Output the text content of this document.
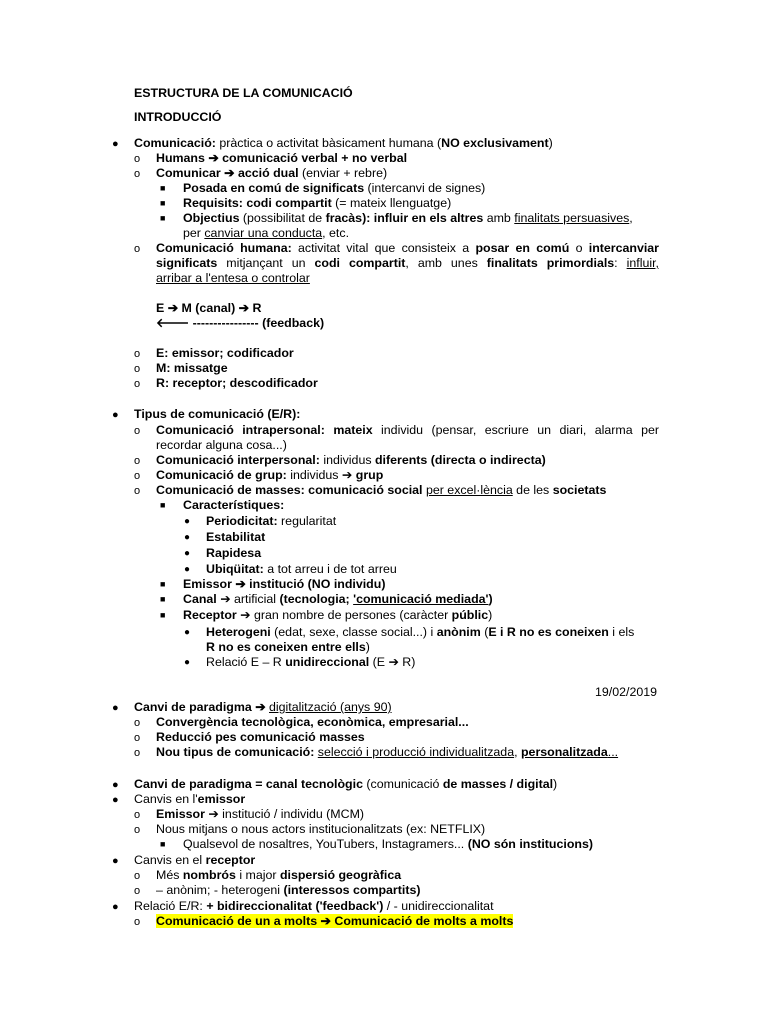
ESTRUCTURA DE LA COMUNICACIÓ
INTRODUCCIÓ
● Comunicació: pràctica o activitat bàsicament humana (NO exclusivament)
o Humans ➔ comunicació verbal + no verbal
o Comunicar ➔ acció dual (enviar + rebre)
■ Posada en comú de significats (intercanvi de signes)
■ Requisits: codi compartit (= mateix llenguatge)
■ Objectius (possibilitat de fracàs): influir en els altres amb finalitats persuasives,
per canviar una conducta, etc.
o Comunicació humana: activitat vital que consisteix a posar en comú o intercanviar
significats mitjançant un codi compartit, amb unes finalitats primordials: influir,
arribar a l'entesa o controlar
E ➔ M (canal) ➔ R
🡐 ---------------- (feedback)
o E: emissor; codificador
o M: missatge
o R: receptor; descodificador
● Tipus de comunicació (E/R):
o Comunicació intrapersonal: mateix individu (pensar, escriure un diari, alarma per
recordar alguna cosa...)
o Comunicació interpersonal: individus diferents (directa o indirecta)
o Comunicació de grup: individus ➔ grup
o Comunicació de masses: comunicació social per excel·lència de les societats
■ Característiques:
● Periodicitat: regularitat
● Estabilitat
● Rapidesa
● Ubiqüitat: a tot arreu i de tot arreu
■ Emissor ➔ institució (NO individu)
■ Canal ➔ artificial (tecnologia; 'comunicació mediada')
■ Receptor ➔ gran nombre de persones (caràcter públic)
● Heterogeni (edat, sexe, classe social...) i anònim (E i R no es coneixen i els
R no es coneixen entre ells)
● Relació E – R unidireccional (E ➔ R)
19/02/2019
● Canvi de paradigma ➔ digitalització (anys 90)
o Convergència tecnològica, econòmica, empresarial...
o Reducció pes comunicació masses
o Nou tipus de comunicació: selecció i producció individualitzada, personalitzada...
● Canvi de paradigma = canal tecnològic (comunicació de masses / digital)
● Canvis en l'emissor
o Emissor ➔ institució / individu (MCM)
o Nous mitjans o nous actors institucionalitzats (ex: NETFLIX)
■ Qualsevol de nosaltres, YouTubers, Instagramers... (NO són institucions)
● Canvis en el receptor
o Més nombrós i major dispersió geogràfica
o – anònim; - heterogeni (interessos compartits)
● Relació E/R: + bidireccionalitat ('feedback') / - unidireccionalitat
o Comunicació de un a molts ➔ Comunicació de molts a molts
